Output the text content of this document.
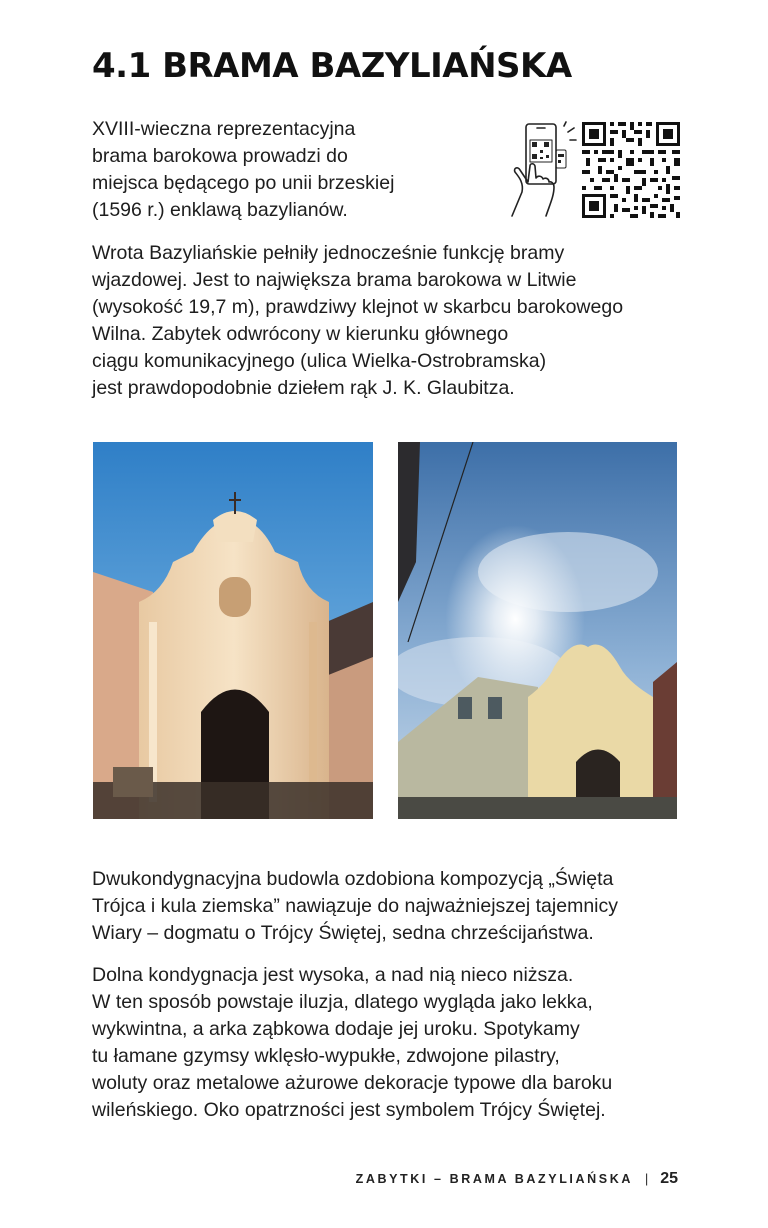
4.1 BRAMA BAZYLIAŃSKA

XVIII-wieczna reprezentacyjna
brama barokowa prowadzi do
miejsca będącego po unii brzeskiej
(1596 r.) enklawą bazylianów.

Wrota Bazyliańskie pełniły jednocześnie funkcję bramy
wjazdowej. Jest to największa brama barokowa w Litwie
(wysokość 19,7 m), prawdziwy klejnot w skarbcu barokowego
Wilna. Zabytek odwrócony w kierunku głównego
ciągu komunikacyjnego (ulica Wielka-Ostrobramska)
jest prawdopodobnie dziełem rąk J. K. Glaubitza.

Dwukondygnacyjna budowla ozdobiona kompozycją „Święta
Trójca i kula ziemska” nawiązuje do najważniejszej tajemnicy
Wiary – dogmatu o Trójcy Świętej, sedna chrześcijaństwa.

Dolna kondygnacja jest wysoka, a nad nią nieco niższa.
W ten sposób powstaje iluzja, dlatego wygląda jako lekka,
wykwintna, a arka ząbkowa dodaje jej uroku. Spotykamy
tu łamane gzymsy wklęsło-wypukłe, zdwojone pilastry,
woluty oraz metalowe ażurowe dekoracje typowe dla baroku
wileńskiego. Oko opatrzności jest symbolem Trójcy Świętej.

ZABYTKI – BRAMA BAZYLIAŃSKA | 25
